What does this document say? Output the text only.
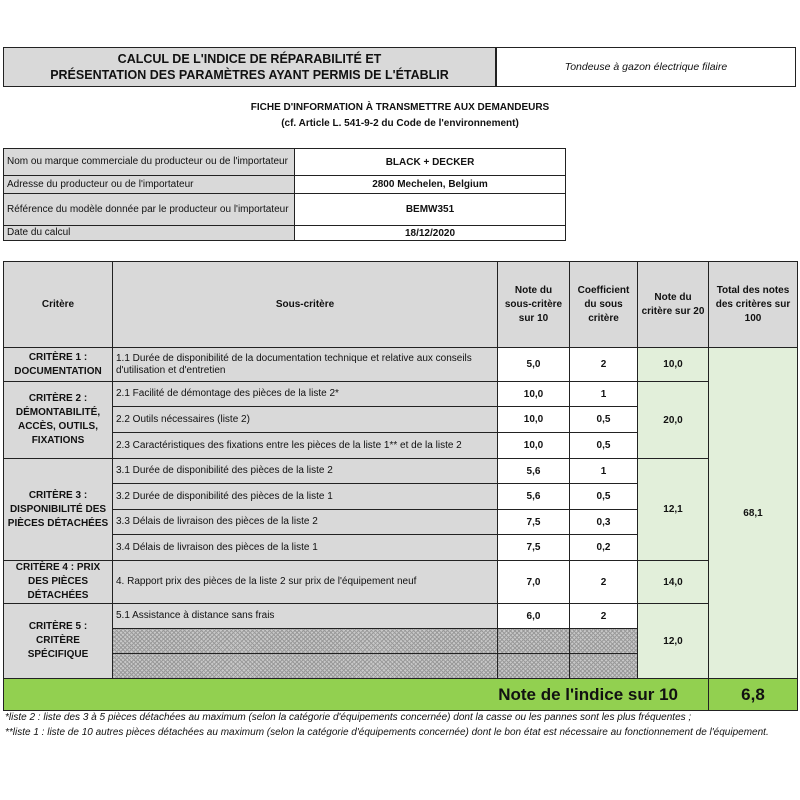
CALCUL DE L'INDICE DE RÉPARABILITÉ ET
PRÉSENTATION DES PARAMÈTRES AYANT PERMIS DE L'ÉTABLIR
Tondeuse à gazon électrique filaire
FICHE D'INFORMATION À TRANSMETTRE AUX DEMANDEURS
(cf. Article L. 541-9-2 du Code de l'environnement)
Nom ou marque commerciale du producteur ou de l'importateur	BLACK + DECKER
Adresse du producteur ou de l'importateur	2800 Mechelen, Belgium
Référence du modèle donnée par le producteur ou l'importateur	BEMW351
Date du calcul	18/12/2020
Critère	Sous-critère	Note du sous-critère sur 10	Coefficient du sous critère	Note du critère sur 20	Total des notes des critères sur 100
CRITÈRE 1 : DOCUMENTATION	1.1 Durée de disponibilité de la documentation technique et relative aux conseils d'utilisation et d'entretien	5,0	2	10,0	68,1
CRITÈRE 2 : DÉMONTABILITÉ, ACCÈS, OUTILS, FIXATIONS	2.1 Facilité de démontage des pièces de la liste 2*	10,0	1	20,0	
	2.2 Outils nécessaires (liste 2)	10,0	0,5		
	2.3 Caractéristiques des fixations entre les pièces de la liste 1** et de la liste 2	10,0	0,5		
CRITÈRE 3 : DISPONIBILITÉ DES PIÈCES DÉTACHÉES	3.1 Durée de disponibilité des pièces de la liste 2	5,6	1	12,1	
	3.2 Durée de disponibilité des pièces de la liste 1	5,6	0,5		
	3.3 Délais de livraison des pièces de la liste 2	7,5	0,3		
	3.4 Délais de livraison des pièces de la liste 1	7,5	0,2		
CRITÈRE 4 : PRIX DES PIÈCES DÉTACHÉES	4. Rapport prix des pièces de la liste 2 sur prix de l'équipement neuf	7,0	2	14,0	
CRITÈRE 5 : CRITÈRE SPÉCIFIQUE	5.1 Assistance à distance sans frais	6,0	2	12,0	

Note de l'indice sur 10					6,8
*liste 2 : liste des 3 à 5 pièces détachées au maximum (selon la catégorie d'équipements concernée) dont la casse ou les pannes sont les plus fréquentes ;
**liste 1 : liste de 10 autres pièces détachées au maximum (selon la catégorie d'équipements concernée) dont le bon état est nécessaire au fonctionnement de l'équipement.
